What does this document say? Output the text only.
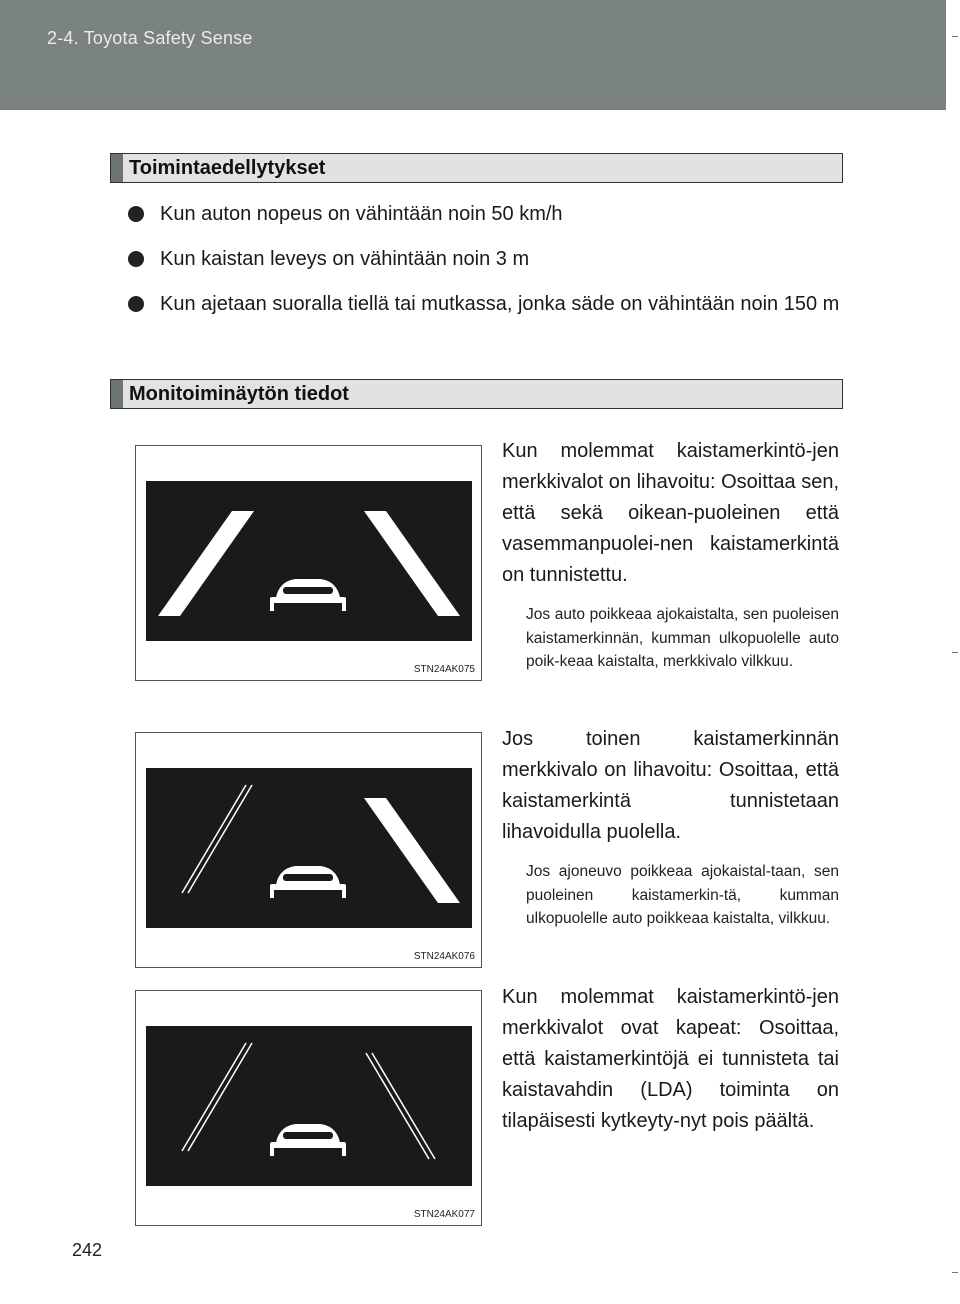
2-4. Toyota Safety Sense
Toimintaedellytykset
Kun auton nopeus on vähintään noin 50 km/h
Kun kaistan leveys on vähintään noin 3 m
Kun ajetaan suoralla tiellä tai mutkassa, jonka säde on vähintään noin 150 m
Monitoiminäytön tiedot
STN24AK075
Kun molemmat kaistamerkintö-jen merkkivalot on lihavoitu: Osoittaa sen, että sekä oikean-puoleinen että vasemmanpuolei-nen kaistamerkintä on tunnistettu.
Jos auto poikkeaa ajokaistalta, sen puoleisen kaistamerkinnän, kumman ulkopuolelle auto poik-keaa kaistalta, merkkivalo vilkkuu.
STN24AK076
Jos toinen kaistamerkinnän merkkivalo on lihavoitu: Osoittaa, että kaistamerkintä tunnistetaan lihavoidulla puolella.
Jos ajoneuvo poikkeaa ajokaistal-taan, sen puoleinen kaistamerkin-tä, kumman ulkopuolelle auto poikkeaa kaistalta, vilkkuu.
STN24AK077
Kun molemmat kaistamerkintö-jen merkkivalot ovat kapeat: Osoittaa, että kaistamerkintöjä ei tunnisteta tai kaistavahdin (LDA) toiminta on tilapäisesti kytkeyty-nyt pois päältä.
242
